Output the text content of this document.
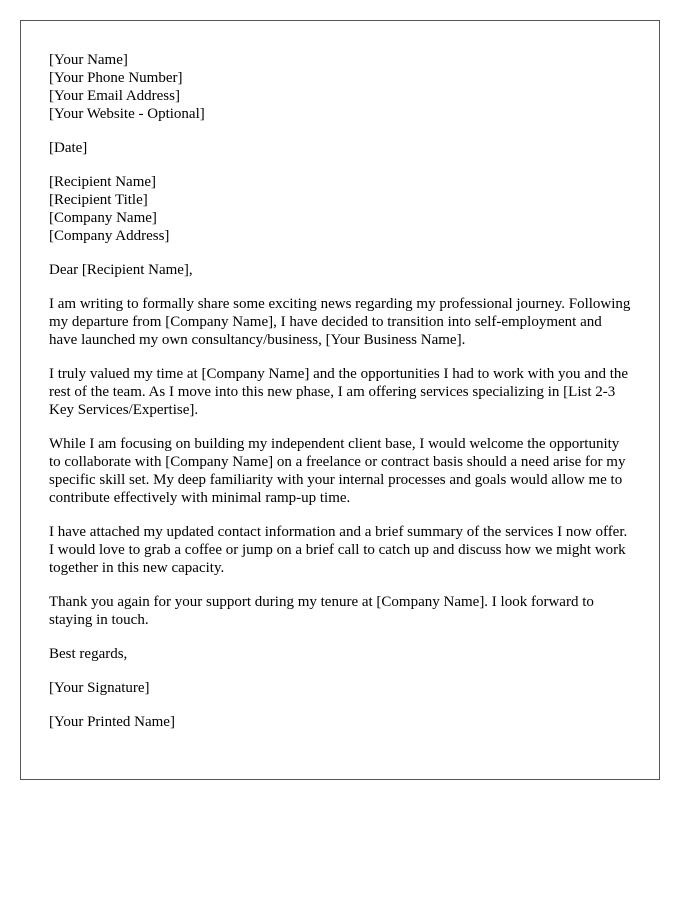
[Your Name]
[Your Phone Number]
[Your Email Address]
[Your Website - Optional]
[Date]
[Recipient Name]
[Recipient Title]
[Company Name]
[Company Address]

Dear [Recipient Name],

I am writing to formally share some exciting news regarding my professional journey. Following my departure from [Company Name], I have decided to transition into self-employment and have launched my own consultancy/business, [Your Business Name].

I truly valued my time at [Company Name] and the opportunities I had to work with you and the rest of the team. As I move into this new phase, I am offering services specializing in [List 2-3 Key Services/Expertise].

While I am focusing on building my independent client base, I would welcome the opportunity to collaborate with [Company Name] on a freelance or contract basis should a need arise for my specific skill set. My deep familiarity with your internal processes and goals would allow me to contribute effectively with minimal ramp-up time.

I have attached my updated contact information and a brief summary of the services I now offer. I would love to grab a coffee or jump on a brief call to catch up and discuss how we might work together in this new capacity.

Thank you again for your support during my tenure at [Company Name]. I look forward to staying in touch.

Best regards,

[Your Signature]

[Your Printed Name]
